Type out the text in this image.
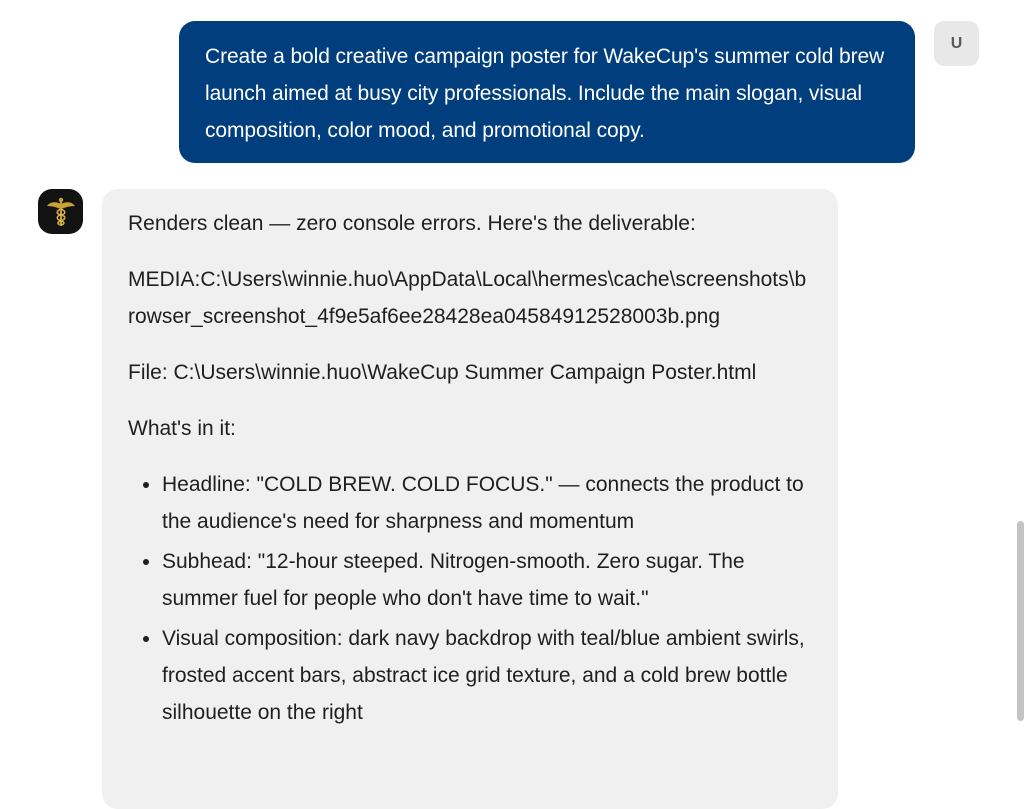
Create a bold creative campaign poster for WakeCup's summer cold brew launch aimed at busy city professionals. Include the main slogan, visual composition, color mood, and promotional copy.
U

Renders clean — zero console errors. Here's the deliverable:

MEDIA:C:\Users\winnie.huo\AppData\Local\hermes\cache\screenshots\browser_screenshot_4f9e5af6ee28428ea04584912528003b.png

File: C:\Users\winnie.huo\WakeCup Summer Campaign Poster.html

What's in it:

• Headline: "COLD BREW. COLD FOCUS." — connects the product to the audience's need for sharpness and momentum
• Subhead: "12-hour steeped. Nitrogen-smooth. Zero sugar. The summer fuel for people who don't have time to wait."
• Visual composition: dark navy backdrop with teal/blue ambient swirls, frosted accent bars, abstract ice grid texture, and a cold brew bottle silhouette on the right
